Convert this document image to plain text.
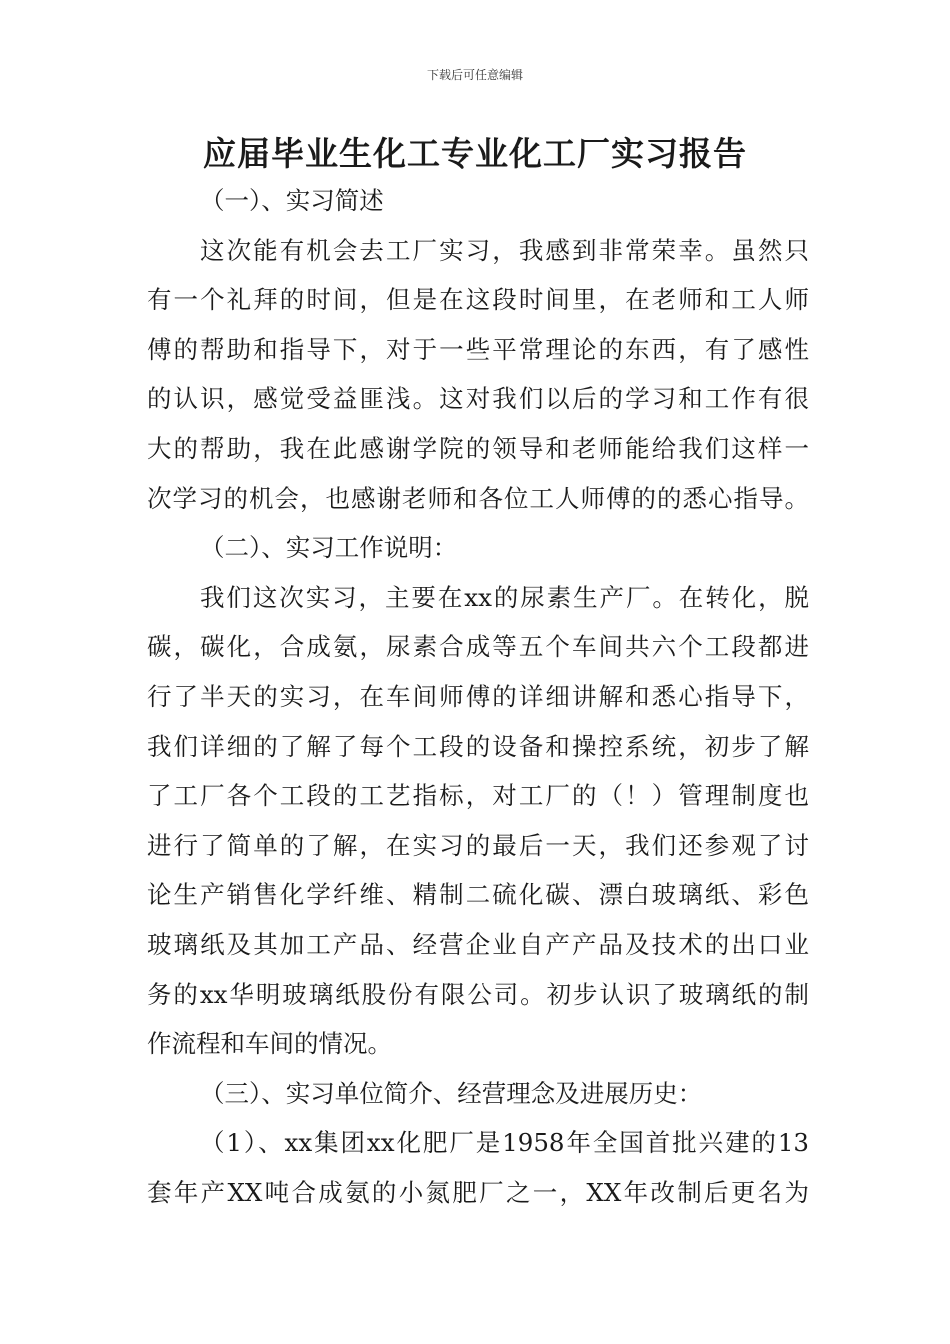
下载后可任意编辑
应届毕业生化工专业化工厂实习报告
（一）、实习简述
这次能有机会去工厂实习，我感到非常荣幸。虽然只
有一个礼拜的时间，但是在这段时间里，在老师和工人师
傅的帮助和指导下，对于一些平常理论的东西，有了感性
的认识，感觉受益匪浅。这对我们以后的学习和工作有很
大的帮助，我在此感谢学院的领导和老师能给我们这样一
次学习的机会，也感谢老师和各位工人师傅的的悉心指导。
（二）、实习工作说明：
我们这次实习，主要在xx的尿素生产厂。在转化，脱
碳，碳化，合成氨，尿素合成等五个车间共六个工段都进
行了半天的实习，在车间师傅的详细讲解和悉心指导下，
我们详细的了解了每个工段的设备和操控系统，初步了解
了工厂各个工段的工艺指标，对工厂的（！）管理制度也
进行了简单的了解，在实习的最后一天，我们还参观了讨
论生产销售化学纤维、精制二硫化碳、漂白玻璃纸、彩色
玻璃纸及其加工产品、经营企业自产产品及技术的出口业
务的xx华明玻璃纸股份有限公司。初步认识了玻璃纸的制
作流程和车间的情况。
（三）、实习单位简介、经营理念及进展历史：
（1）、xx集团xx化肥厂是1958年全国首批兴建的13
套年产XX吨合成氨的小氮肥厂之一，XX年改制后更名为
